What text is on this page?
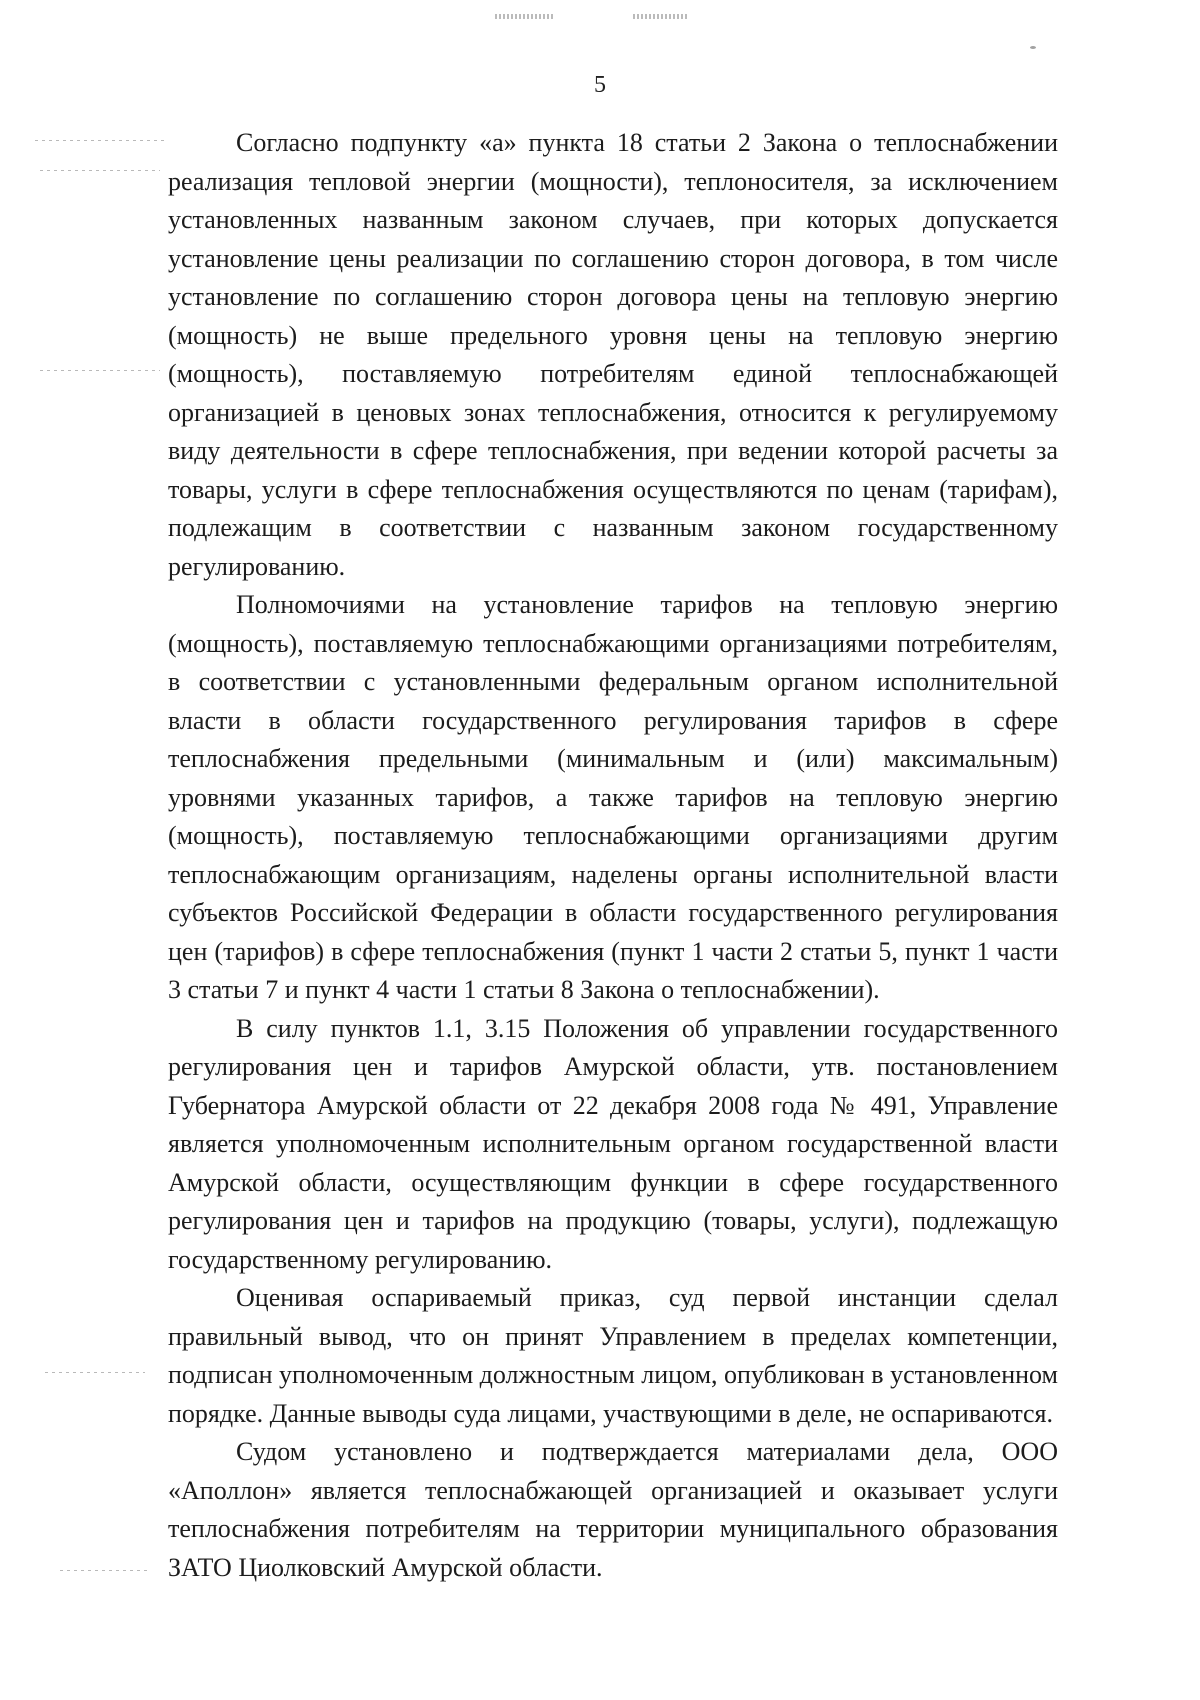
5

Согласно подпункту «а» пункта 18 статьи 2 Закона о теплоснабжении реализация тепловой энергии (мощности), теплоносителя, за исключением установленных названным законом случаев, при которых допускается установление цены реализации по соглашению сторон договора, в том числе установление по соглашению сторон договора цены на тепловую энергию (мощность) не выше предельного уровня цены на тепловую энергию (мощность), поставляемую потребителям единой теплоснабжающей организацией в ценовых зонах теплоснабжения, относится к регулируемому виду деятельности в сфере теплоснабжения, при ведении которой расчеты за товары, услуги в сфере теплоснабжения осуществляются по ценам (тарифам), подлежащим в соответствии с названным законом государственному регулированию.

Полномочиями на установление тарифов на тепловую энергию (мощность), поставляемую теплоснабжающими организациями потребителям, в соответствии с установленными федеральным органом исполнительной власти в области государственного регулирования тарифов в сфере теплоснабжения предельными (минимальным и (или) максимальным) уровнями указанных тарифов, а также тарифов на тепловую энергию (мощность), поставляемую теплоснабжающими организациями другим теплоснабжающим организациям, наделены органы исполнительной власти субъектов Российской Федерации в области государственного регулирования цен (тарифов) в сфере теплоснабжения (пункт 1 части 2 статьи 5, пункт 1 части 3 статьи 7 и пункт 4 части 1 статьи 8 Закона о теплоснабжении).

В силу пунктов 1.1, 3.15 Положения об управлении государственного регулирования цен и тарифов Амурской области, утв. постановлением Губернатора Амурской области от 22 декабря 2008 года № 491, Управление является уполномоченным исполнительным органом государственной власти Амурской области, осуществляющим функции в сфере государственного регулирования цен и тарифов на продукцию (товары, услуги), подлежащую государственному регулированию.

Оценивая оспариваемый приказ, суд первой инстанции сделал правильный вывод, что он принят Управлением в пределах компетенции, подписан уполномоченным должностным лицом, опубликован в установленном порядке. Данные выводы суда лицами, участвующими в деле, не оспариваются.

Судом установлено и подтверждается материалами дела, ООО «Аполлон» является теплоснабжающей организацией и оказывает услуги теплоснабжения потребителям на территории муниципального образования ЗАТО Циолковский Амурской области.
